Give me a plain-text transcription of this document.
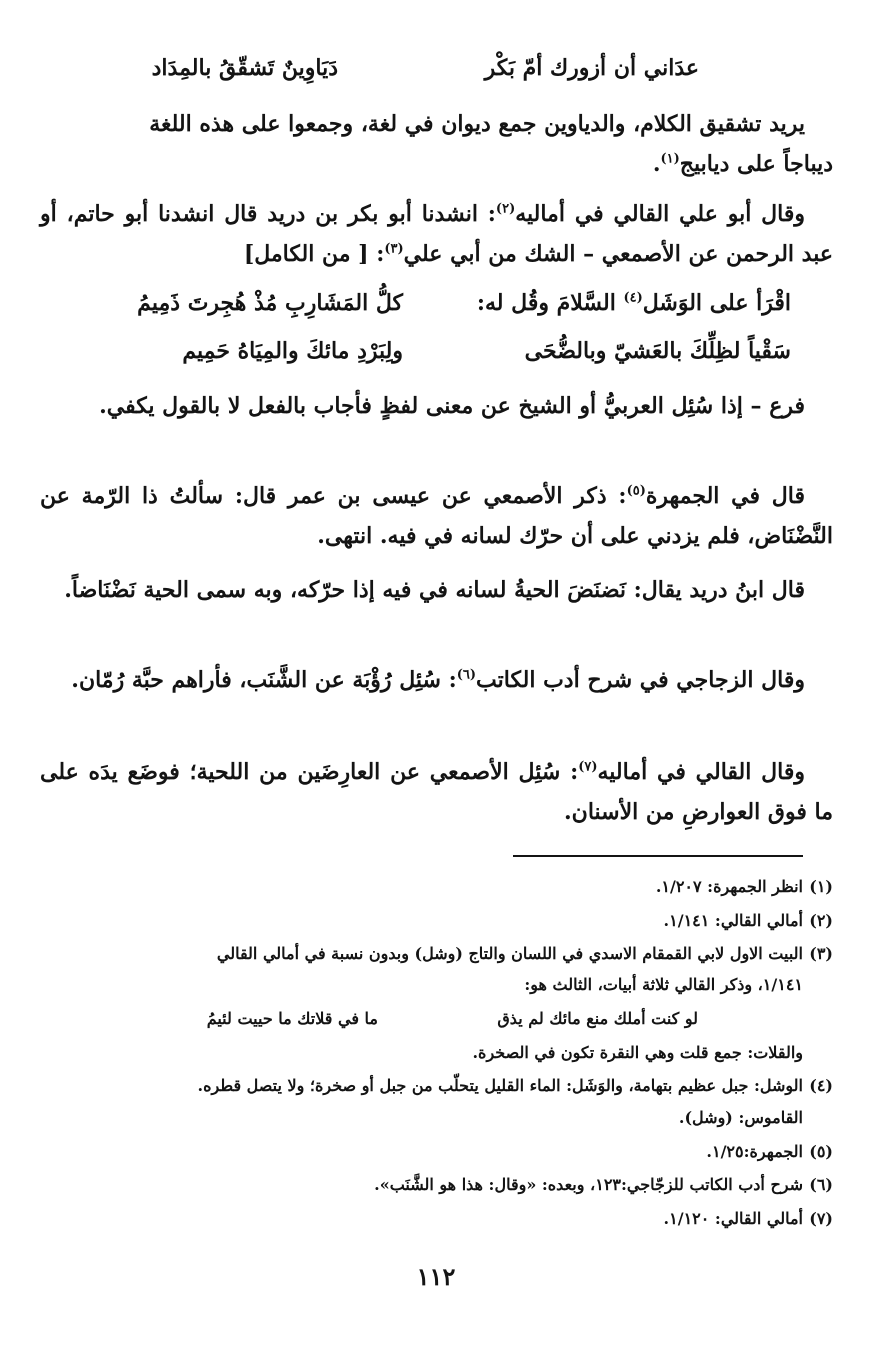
عدَاني أن أزورك أمّ بَكْر
دَيَاوِينٌ تَشقّقُ بالمِدَاد

يريد تشقيق الكلام، والدياوين جمع ديوان في لغة، وجمعوا على هذه اللغة
ديباجاً على ديابيج$^{(١)}$.

وقال أبو علي القالي في أماليه$^{(٢)}$: انشدنا أبو بكر بن دريد قال انشدنا أبو حاتم، أو عبد الرحمن عن الأصمعي – الشك من أبي علي$^{(٣)}$: [ من الكامل]

اقْرَأ على الوَشَل$^{(٤)}$ السَّلامَ وقُل له:
كلُّ المَشَارِبِ مُذْ هُجِرتَ ذَمِيمُ
سَقْياً لظِلِّكَ بالعَشيّ وبالضُّحَى
ولِبَرْدِ مائكَ والمِيَاهُ حَمِيم

فرع – إذا سُئِل العربيُّ أو الشيخ عن معنى لفظٍ فأجاب بالفعل لا بالقول يكفي.

قال في الجمهرة$^{(٥)}$: ذكر الأصمعي عن عيسى بن عمر قال: سألتُ ذا الرّمة عن النَّضْنَاض، فلم يزدني على أن حرّك لسانه في فيه. انتهى.

قال ابنُ دريد يقال: نَضنَضَ الحيةُ لسانه في فيه إذا حرّكه، وبه سمى الحية نَضْنَاضاً.

وقال الزجاجي في شرح أدب الكاتب$^{(٦)}$: سُئِل رُؤْبَة عن الشَّنَب، فأراهم حبَّة رُمّان.

وقال القالي في أماليه$^{(٧)}$: سُئِل الأصمعي عن العارِضَين من اللحية؛ فوضَع يدَه على ما فوق العوارضِ من الأسنان.

(١)انظر الجمهرة: ١/٢٠٧.

(٢)أمالي القالي: ١/١٤١.

(٣)البيت الاول لابي القمقام الاسدي في اللسان والتاج (وشل) وبدون نسبة في أمالي القالي

١/١٤١، وذكر القالي ثلاثة أبيات، الثالث هو:

لو كنت أملك منع مائك لم يذق
ما في قلاتك ما حييت لئيمُ

والقلات: جمع قلت وهي النقرة تكون في الصخرة.

(٤)الوشل: جبل عظيم بتهامة، والوَشَل: الماء القليل يتحلّب من جبل أو صخرة؛ ولا يتصل قطره.

القاموس: (وشل).

(٥)الجمهرة:١/٢٥.

(٦)شرح أدب الكاتب للزجّاجي:١٢٣، وبعده: «وقال: هذا هو الشَّنَب».

(٧)أمالي القالي: ١/١٢٠.

١١٢
